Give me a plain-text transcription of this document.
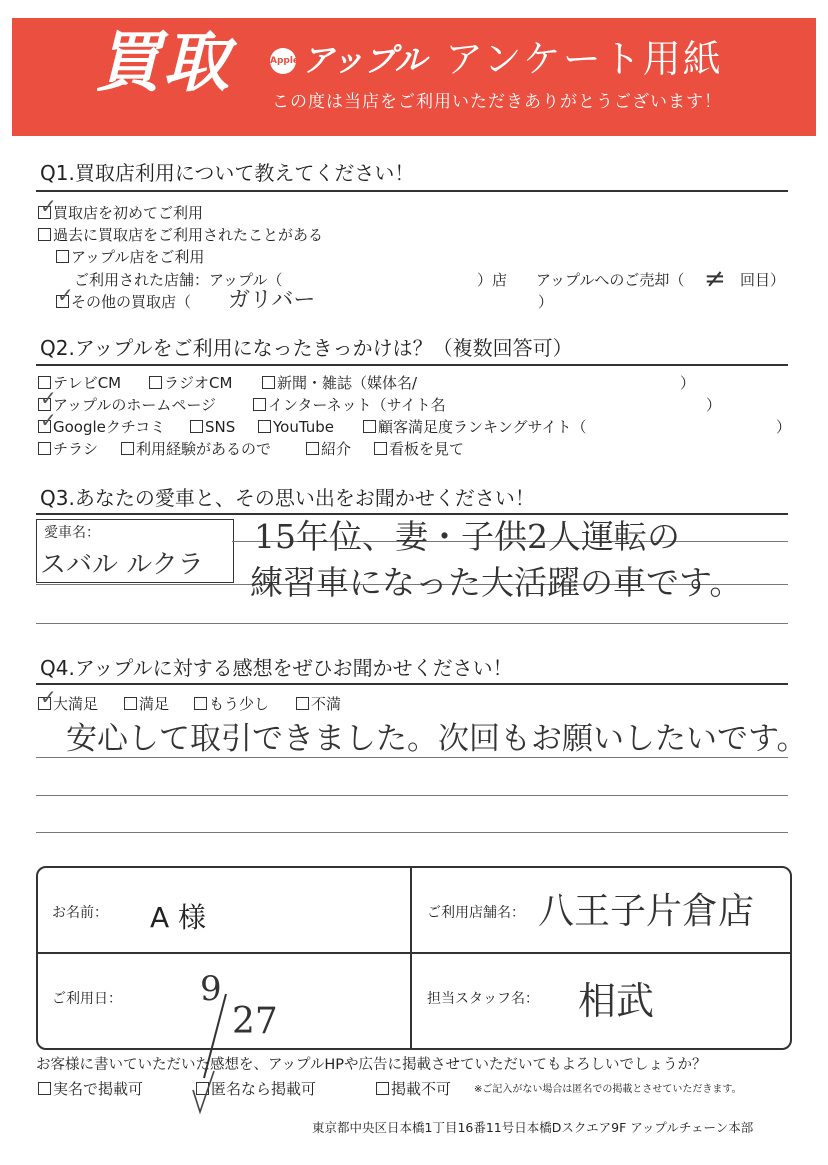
買取	Apple アップル アンケート用紙
この度は当店をご利用いただきありがとうございます！
Q1.買取店利用について教えてください！
買取店を初めてご利用
✓
過去に買取店をご利用されたことがある
アップル店をご利用
ご利用された店舗：アップル（	）店 アップルへのご売却（ ≠ 回目）
その他の買取店（
✓	ガリバー	）
Q2.アップルをご利用になったきっかけは？（複数回答可）
テレビCM	ラジオCM	新聞・雑誌（媒体名/	）
アップルのホームページ
✓	インターネット（サイト名	）
Googleクチコミ
✓	SNS	YouTube	顧客満足度ランキングサイト（	）
チラシ	利用経験があるので	紹介	看板を見て
Q3.あなたの愛車と、その思い出をお聞かせください！
愛車名：
スバル ルクラ
15年位、妻・子供2人運転の
練習車になった大活躍の車です。
Q4.アップルに対する感想をぜひお聞かせください！
大満足
✓	満足	もう少し	不満
安心して取引できました。次回もお願いしたいです。
お名前： A 様	ご利用店舗名： 八王子片倉店
ご利用日： 9
27
担当スタッフ名： 相武
お客様に書いていただいた感想を、アップルHPや広告に掲載させていただいてもよろしいでしょうか？
実名で掲載可	匿名なら掲載可	掲載不可 ※ご記入がない場合は匿名での掲載とさせていただきます。
東京都中央区日本橋1丁目16番11号日本橋Dスクエア9F アップルチェーン本部
